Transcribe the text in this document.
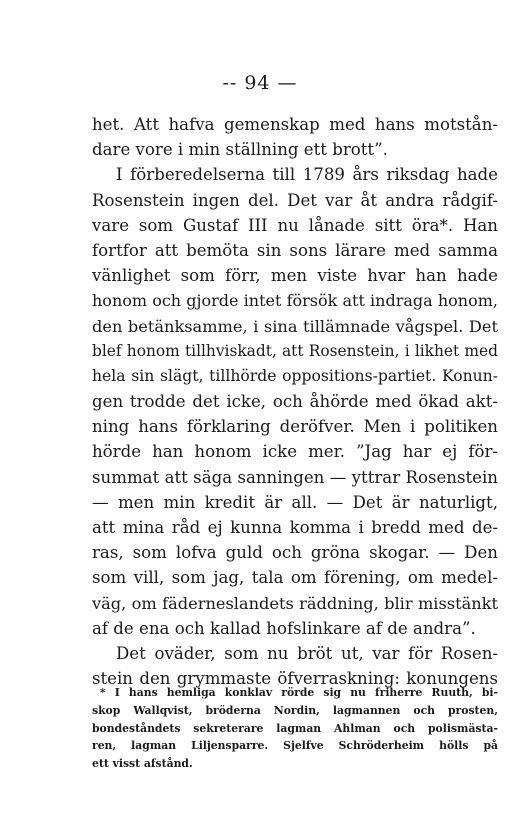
-- 94 —
het. Att hafva gemenskap med hans motstån-
dare vore i min ställning ett brott”.
I förberedelserna till 1789 års riksdag hade
Rosenstein ingen del. Det var åt andra rådgif-
vare som Gustaf III nu lånade sitt öra*. Han
fortfor att bemöta sin sons lärare med samma
vänlighet som förr, men viste hvar han hade
honom och gjorde intet försök att indraga honom,
den betänksamme, i sina tillämnade vågspel. Det
blef honom tillhviskadt, att Rosenstein, i likhet med
hela sin slägt, tillhörde oppositions-partiet. Konun-
gen trodde det icke, och åhörde med ökad akt-
ning hans förklaring deröfver. Men i politiken
hörde han honom icke mer. ”Jag har ej för-
summat att säga sanningen — yttrar Rosenstein
— men min kredit är all. — Det är naturligt,
att mina råd ej kunna komma i bredd med de-
ras, som lofva guld och gröna skogar. — Den
som vill, som jag, tala om förening, om medel-
väg, om fäderneslandets räddning, blir misstänkt
af de ena och kallad hofslinkare af de andra”.
Det oväder, som nu bröt ut, var för Rosen-
stein den grymmaste öfverraskning: konungens
* I hans hemliga konklav rörde sig nu friherre Ruuth, bi-
skop Wallqvist, bröderna Nordin, lagmannen och prosten,
bondeståndets sekreterare lagman Ahlman och polismästa-
ren, lagman Liljensparre. Sjelfve Schröderheim hölls på
ett visst afstånd.
